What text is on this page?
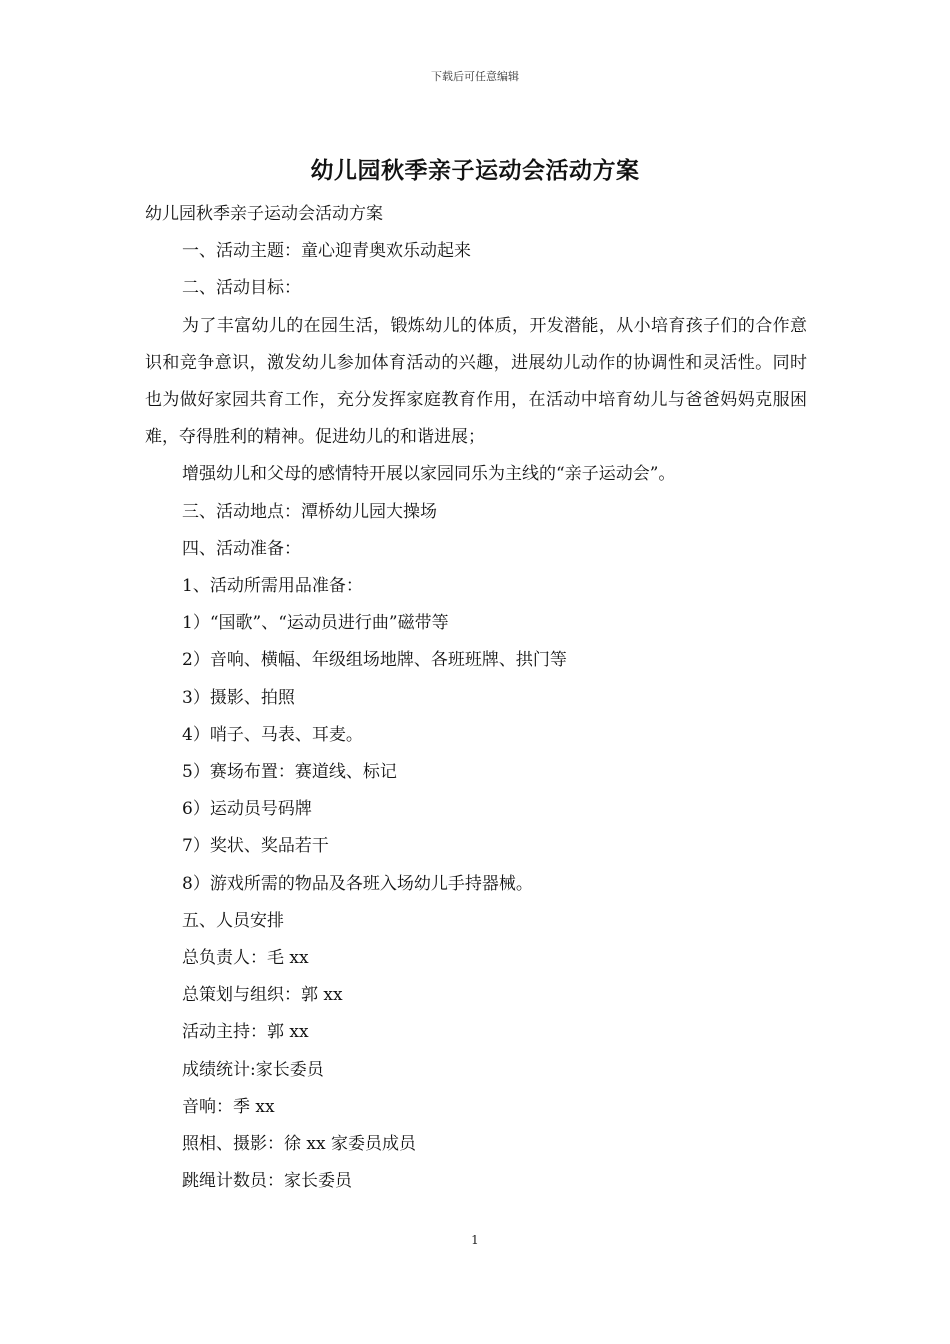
下载后可任意编辑
幼儿园秋季亲子运动会活动方案

幼儿园秋季亲子运动会活动方案

一、活动主题：童心迎青奥欢乐动起来

二、活动目标：

为了丰富幼儿的在园生活，锻炼幼儿的体质，开发潜能，从小培育孩子们的合作意识和竞争意识，激发幼儿参加体育活动的兴趣，进展幼儿动作的协调性和灵活性。同时也为做好家园共育工作，充分发挥家庭教育作用，在活动中培育幼儿与爸爸妈妈克服困难，夺得胜利的精神。促进幼儿的和谐进展；

增强幼儿和父母的感情特开展以家园同乐为主线的“亲子运动会”。

三、活动地点：潭桥幼儿园大操场

四、活动准备：

1、活动所需用品准备：

1）“国歌”、“运动员进行曲”磁带等

2）音响、横幅、年级组场地牌、各班班牌、拱门等

3）摄影、拍照

4）哨子、马表、耳麦。

5）赛场布置：赛道线、标记

6）运动员号码牌

7）奖状、奖品若干

8）游戏所需的物品及各班入场幼儿手持器械。

五、人员安排

总负责人：毛 xx

总策划与组织：郭 xx

活动主持：郭 xx

成绩统计:家长委员

音响：季 xx

照相、摄影：徐 xx 家委员成员

跳绳计数员：家长委员

1
